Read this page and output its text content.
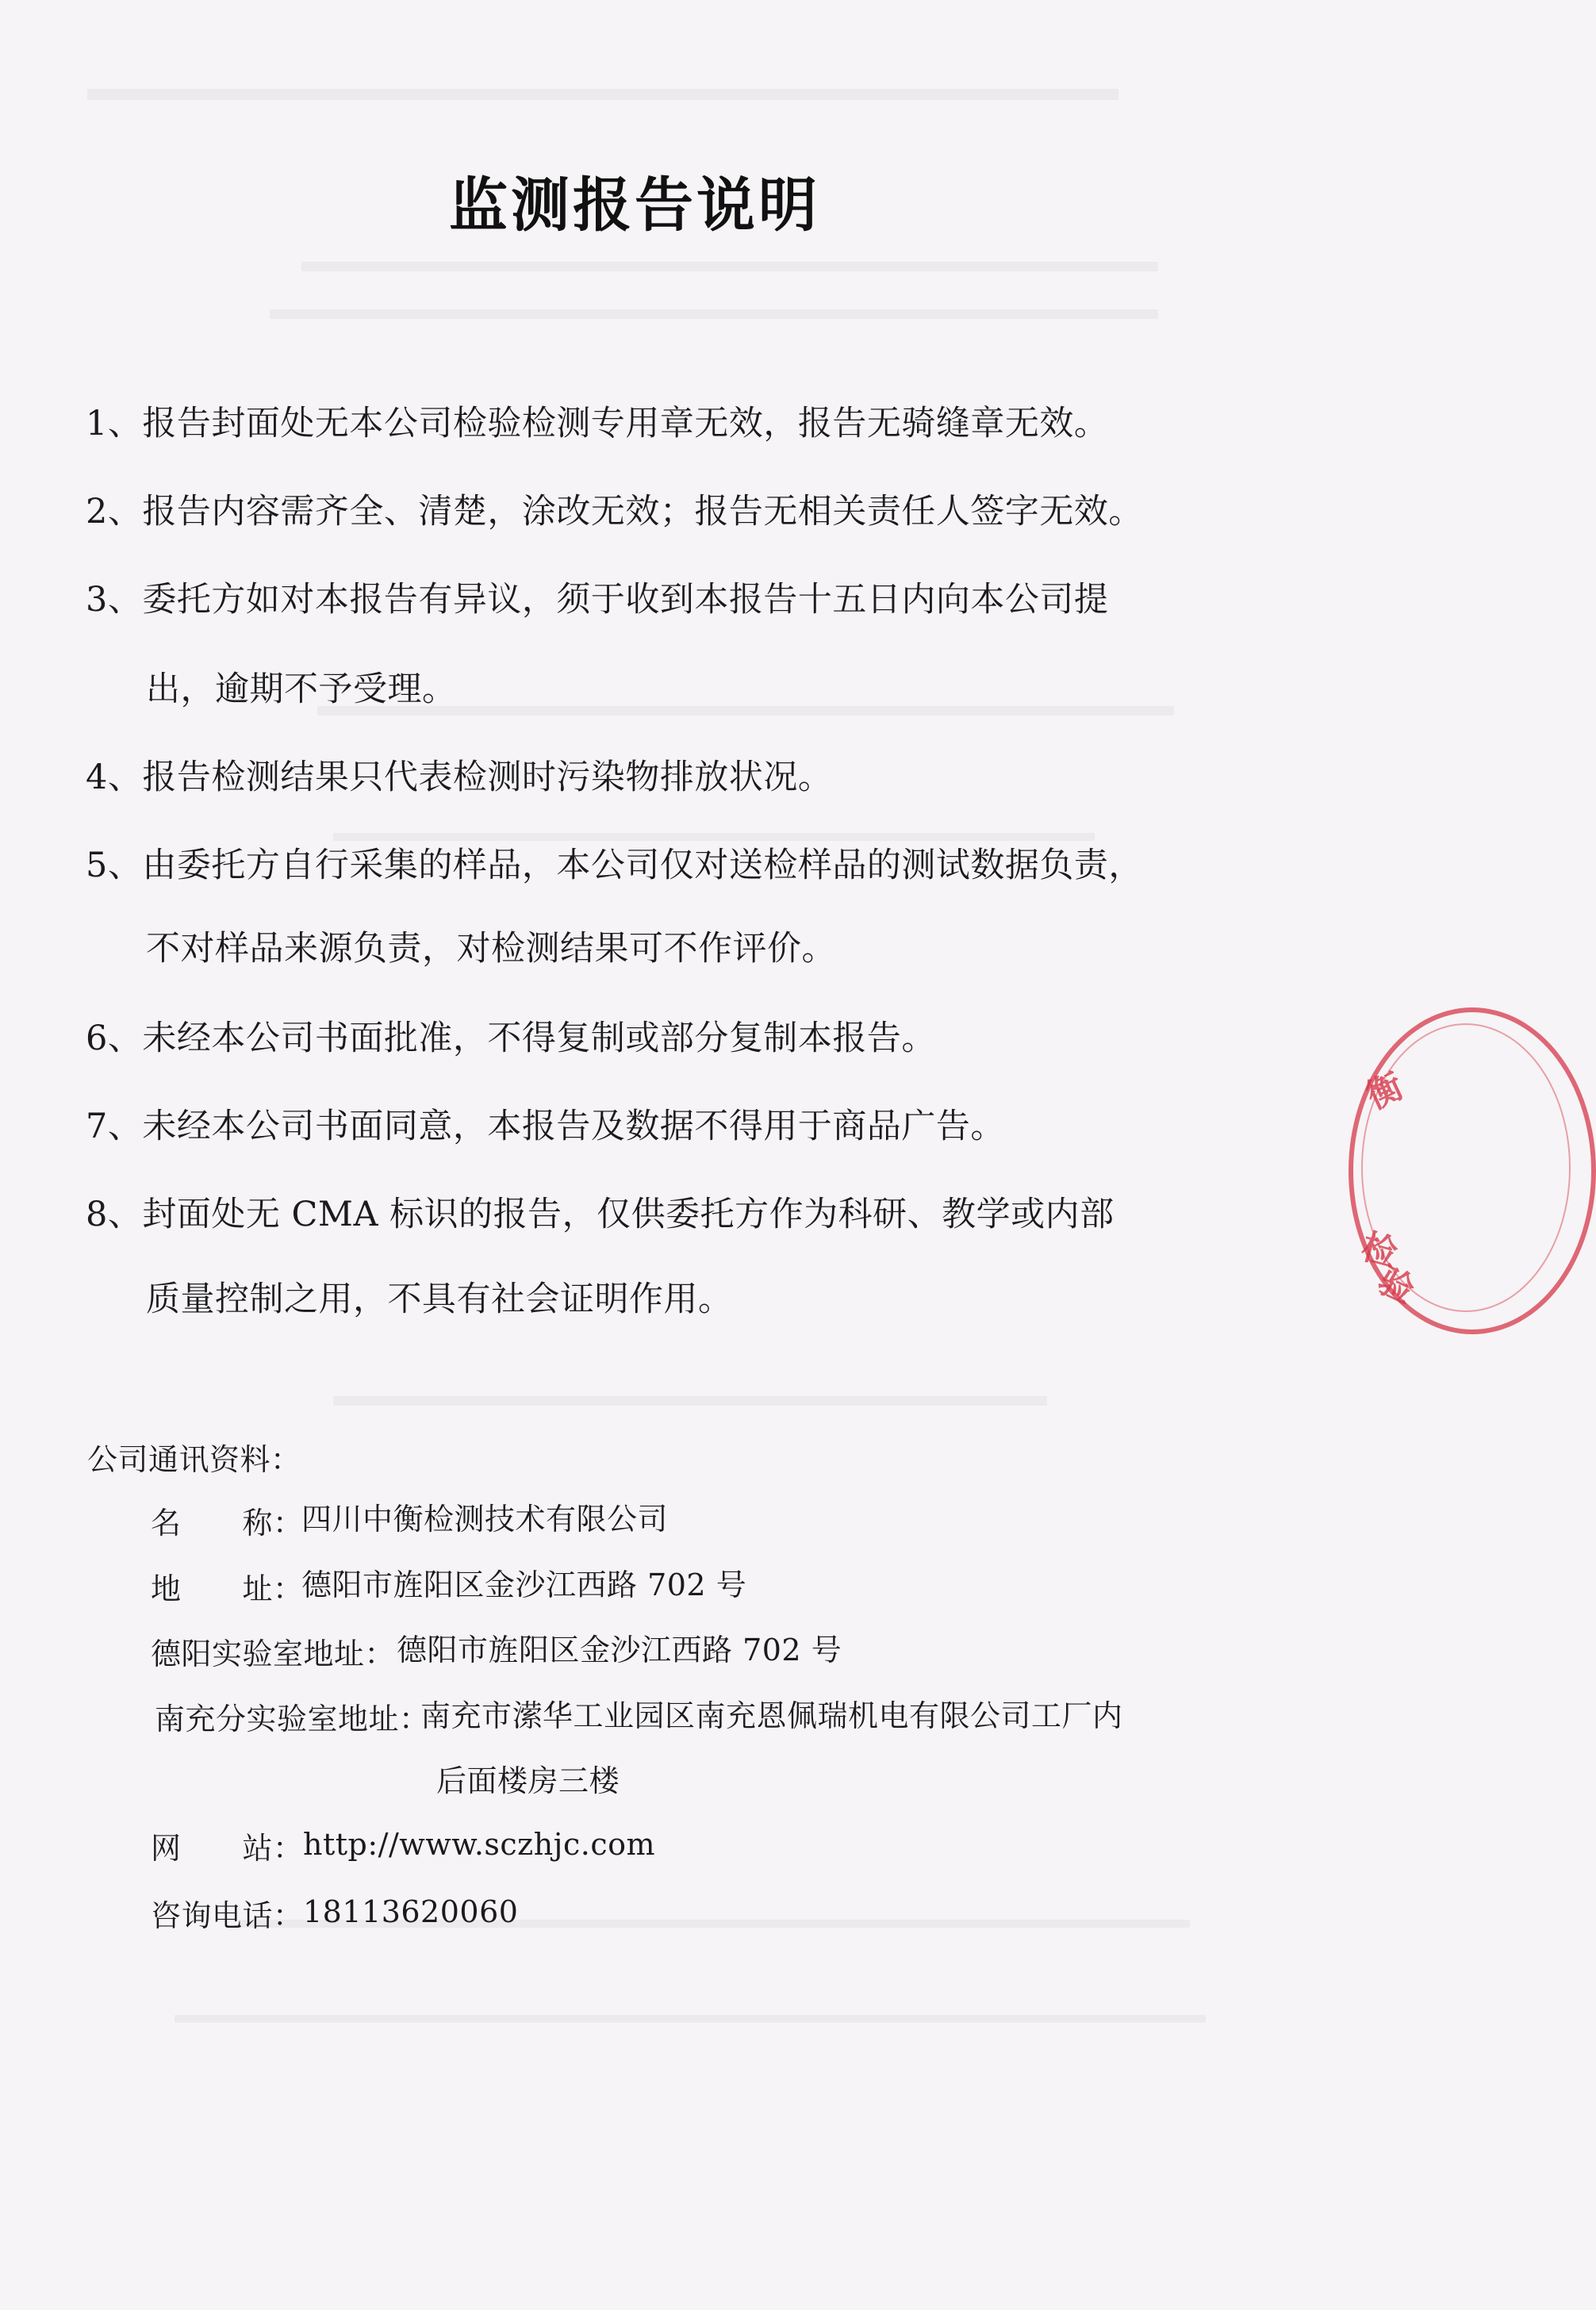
监测报告说明
1、报告封面处无本公司检验检测专用章无效，报告无骑缝章无效。
2、报告内容需齐全、清楚，涂改无效；报告无相关责任人签字无效。
3、委托方如对本报告有异议，须于收到本报告十五日内向本公司提
出，逾期不予受理。
4、报告检测结果只代表检测时污染物排放状况。
5、由委托方自行采集的样品，本公司仅对送检样品的测试数据负责，
不对样品来源负责，对检测结果可不作评价。
6、未经本公司书面批准，不得复制或部分复制本报告。
7、未经本公司书面同意，本报告及数据不得用于商品广告。
8、封面处无 CMA 标识的报告，仅供委托方作为科研、教学或内部
质量控制之用，不具有社会证明作用。
公司通讯资料：
名　　称：
四川中衡检测技术有限公司
地　　址：
德阳市旌阳区金沙江西路 702 号
德阳实验室地址： 德阳市旌阳区金沙江西路 702 号
南充分实验室地址：
南充市潆华工业园区南充恩佩瑞机电有限公司工厂内
后面楼房三楼
网　　站： http://www.sczhjc.com
咨询电话： 18113620060
衡
检
验
